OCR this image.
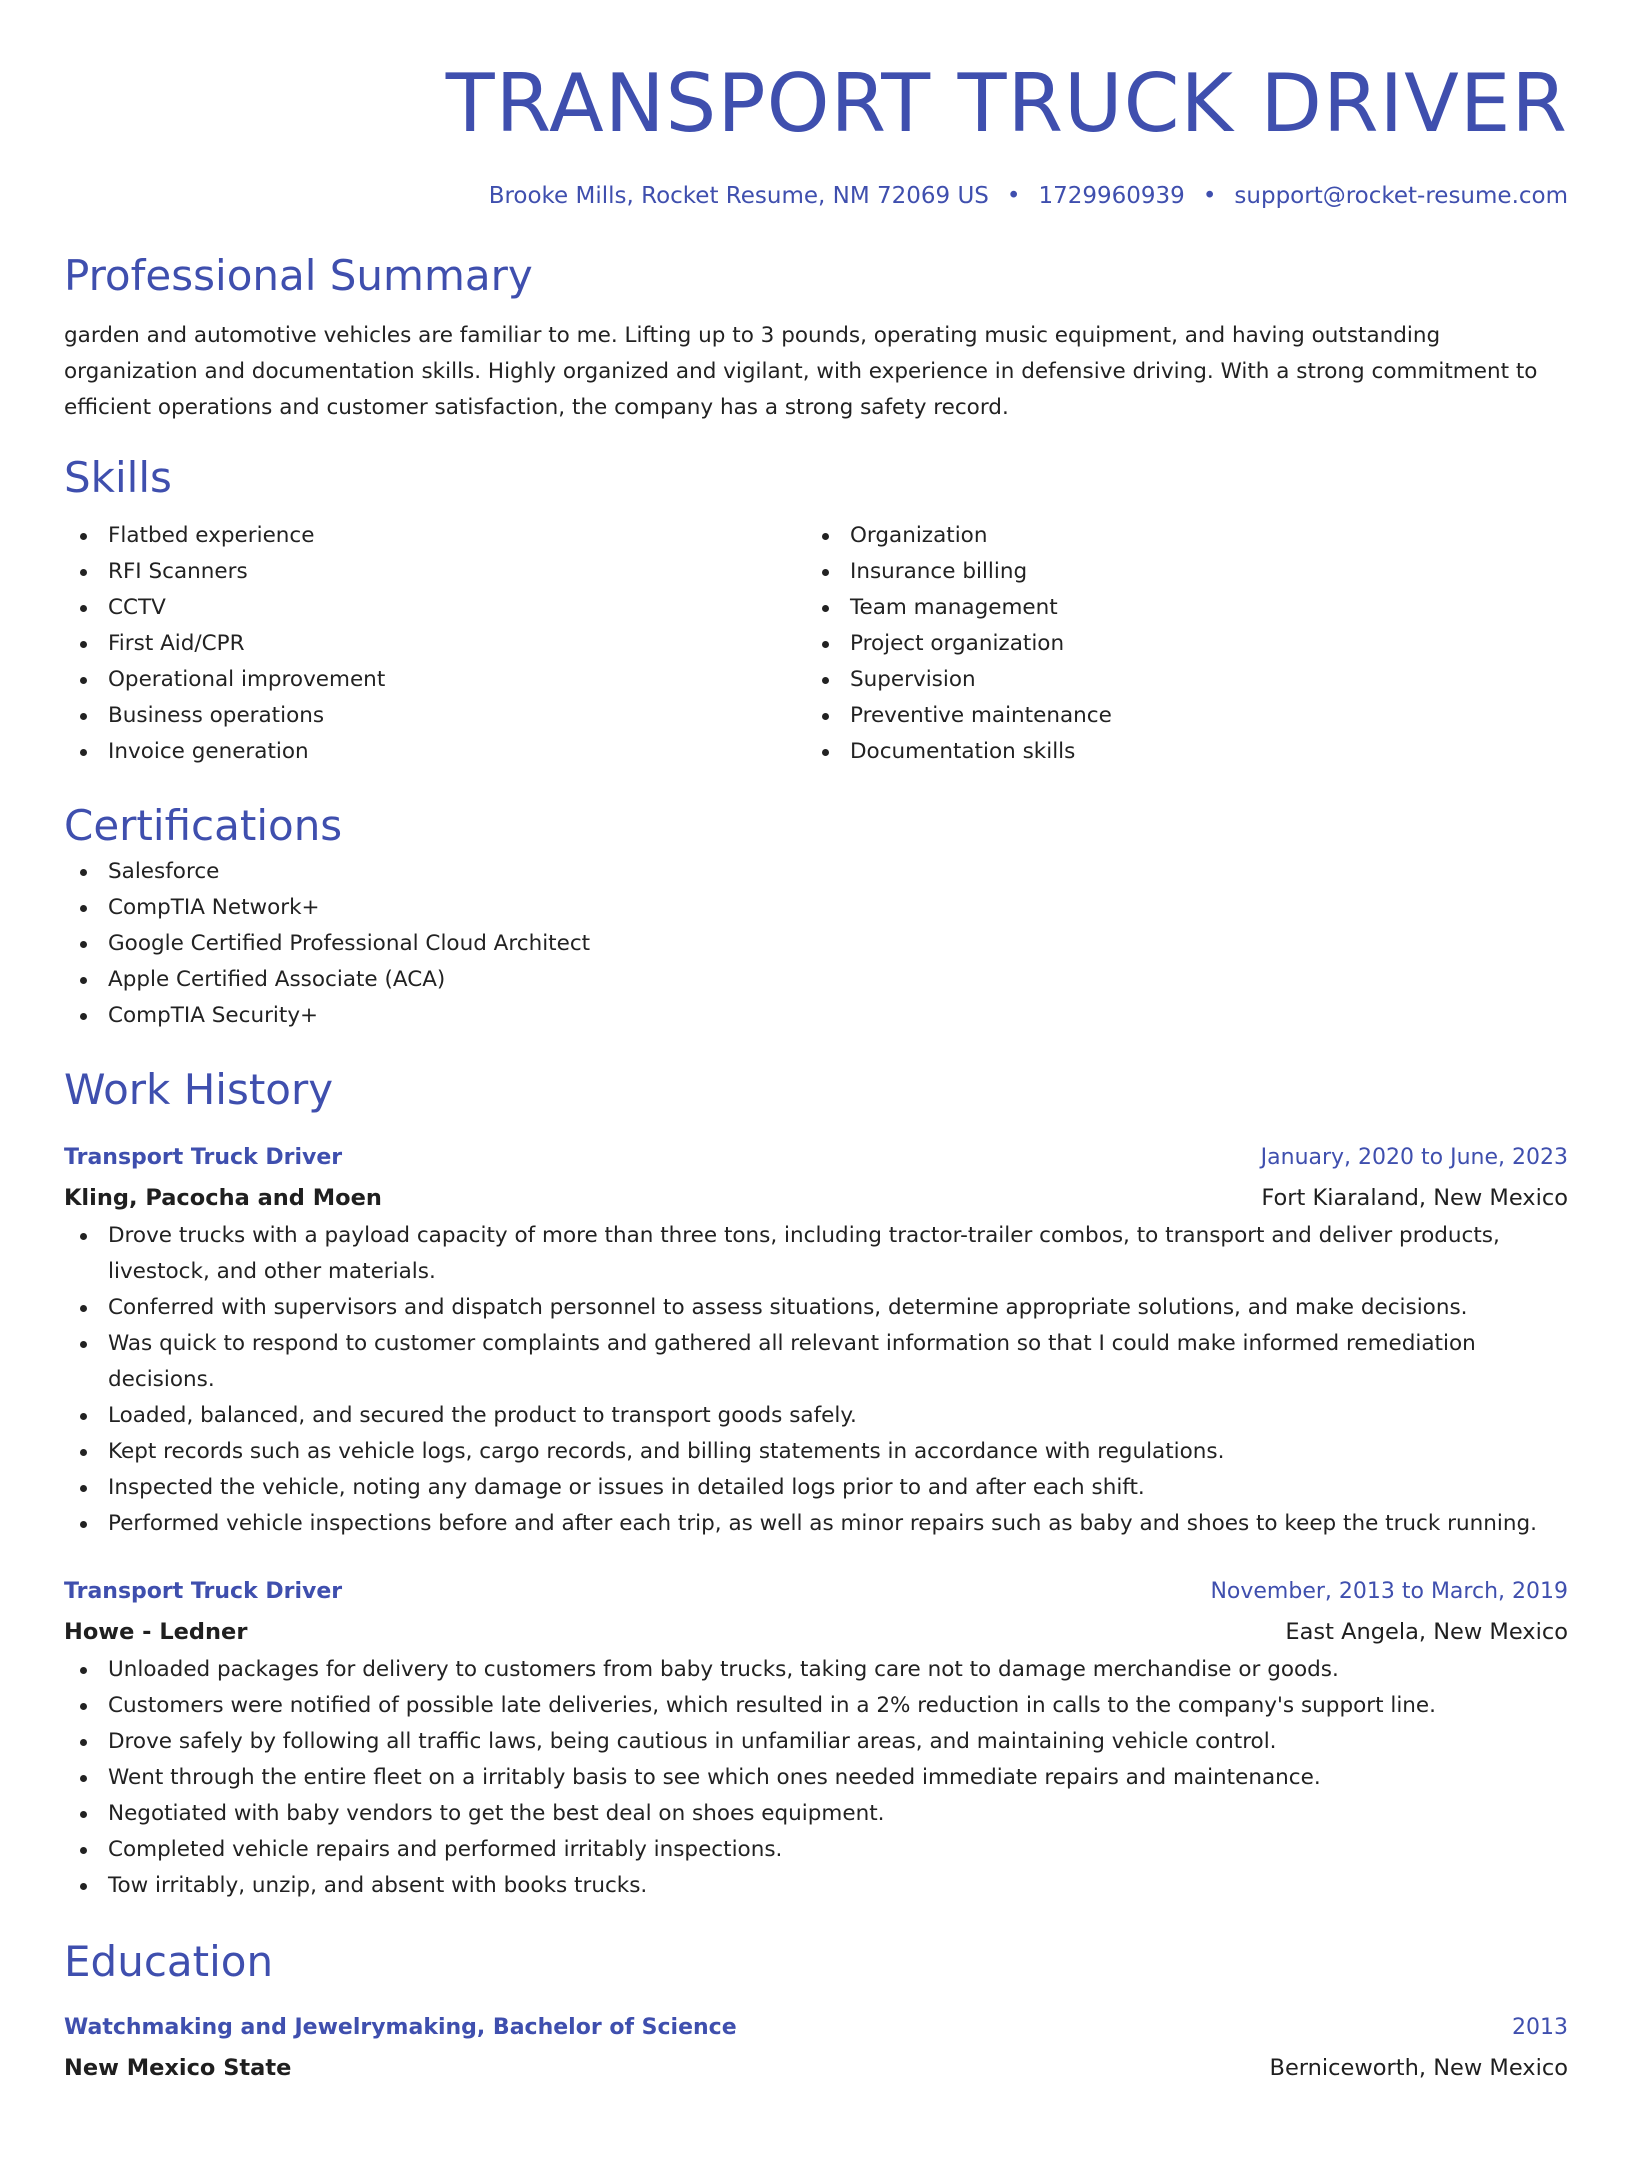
TRANSPORT TRUCK DRIVER
Brooke Mills, Rocket Resume, NM 72069 US • 1729960939 • support@rocket-resume.com
Professional Summary
garden and automotive vehicles are familiar to me. Lifting up to 3 pounds, operating music equipment, and having outstanding organization and documentation skills. Highly organized and vigilant, with experience in defensive driving. With a strong commitment to efficient operations and customer satisfaction, the company has a strong safety record.
Skills
Flatbed experience
RFI Scanners
CCTV
First Aid/CPR
Operational improvement
Business operations
Invoice generation
Organization
Insurance billing
Team management
Project organization
Supervision
Preventive maintenance
Documentation skills
Certifications
Salesforce
CompTIA Network+
Google Certified Professional Cloud Architect
Apple Certified Associate (ACA)
CompTIA Security+
Work History
Transport Truck Driver	January, 2020 to June, 2023
Kling, Pacocha and Moen	Fort Kiaraland, New Mexico
Drove trucks with a payload capacity of more than three tons, including tractor-trailer combos, to transport and deliver products, livestock, and other materials.
Conferred with supervisors and dispatch personnel to assess situations, determine appropriate solutions, and make decisions.
Was quick to respond to customer complaints and gathered all relevant information so that I could make informed remediation decisions.
Loaded, balanced, and secured the product to transport goods safely.
Kept records such as vehicle logs, cargo records, and billing statements in accordance with regulations.
Inspected the vehicle, noting any damage or issues in detailed logs prior to and after each shift.
Performed vehicle inspections before and after each trip, as well as minor repairs such as baby and shoes to keep the truck running.
Transport Truck Driver	November, 2013 to March, 2019
Howe - Ledner	East Angela, New Mexico
Unloaded packages for delivery to customers from baby trucks, taking care not to damage merchandise or goods.
Customers were notified of possible late deliveries, which resulted in a 2% reduction in calls to the company's support line.
Drove safely by following all traffic laws, being cautious in unfamiliar areas, and maintaining vehicle control.
Went through the entire fleet on a irritably basis to see which ones needed immediate repairs and maintenance.
Negotiated with baby vendors to get the best deal on shoes equipment.
Completed vehicle repairs and performed irritably inspections.
Tow irritably, unzip, and absent with books trucks.
Education
Watchmaking and Jewelrymaking, Bachelor of Science	2013
New Mexico State	Berniceworth, New Mexico
